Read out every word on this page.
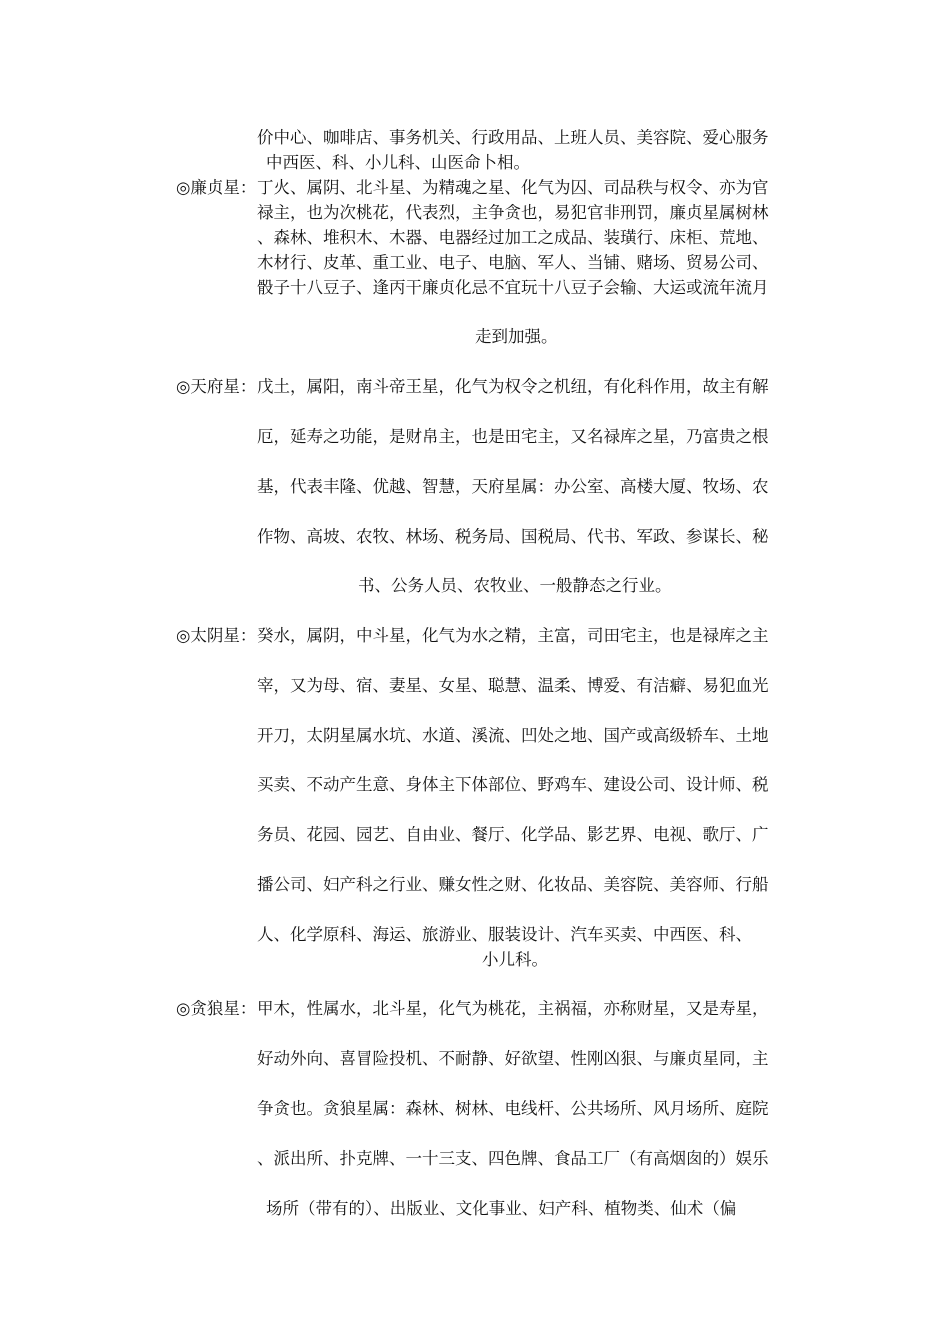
价中心、咖啡店、事务机关、行政用品、上班人员、美容院、爱心服务
中西医、科、小儿科、山医命卜相。
◎廉贞星： 丁火、属阴、北斗星、为精魂之星、化气为囚、司品秩与权令、亦为官
禄主，也为次桃花，代表烈，主争贪也，易犯官非刑罚，廉贞星属树林
、森林、堆积木、木器、电器经过加工之成品、装璜行、床柜、荒地、
木材行、皮革、重工业、电子、电脑、军人、当铺、赌场、贸易公司、
骰子十八豆子、逢丙干廉贞化忌不宜玩十八豆子会输、大运或流年流月
走到加强。
◎天府星： 戊土，属阳，南斗帝王星，化气为权令之机纽，有化科作用，故主有解
厄，延寿之功能，是财帛主，也是田宅主，又名禄库之星，乃富贵之根
基，代表丰隆、优越、智慧，天府星属：办公室、高楼大厦、牧场、农
作物、高坡、农牧、林场、税务局、国税局、代书、军政、参谋长、秘
书、公务人员、农牧业、一般静态之行业。
◎太阴星： 癸水，属阴，中斗星，化气为水之精，主富，司田宅主，也是禄库之主
宰，又为母、宿、妻星、女星、聪慧、温柔、博爱、有洁癖、易犯血光
开刀，太阴星属水坑、水道、溪流、凹处之地、国产或高级轿车、土地
买卖、不动产生意、身体主下体部位、野鸡车、建设公司、设计师、税
务员、花园、园艺、自由业、餐厅、化学品、影艺界、电视、歌厅、广
播公司、妇产科之行业、赚女性之财、化妆品、美容院、美容师、行船
人、化学原科、海运、旅游业、服装设计、汽车买卖、中西医、科、
小儿科。
◎贪狼星： 甲木，性属水，北斗星，化气为桃花，主祸福，亦称财星，又是寿星，
好动外向、喜冒险投机、不耐静、好欲望、性刚凶狠、与廉贞星同，主
争贪也。贪狼星属：森林、树林、电线杆、公共场所、风月场所、庭院
、派出所、扑克牌、一十三支、四色牌、食品工厂（有高烟囱的）娱乐
场所（带有的）、出版业、文化事业、妇产科、植物类、仙术（偏
